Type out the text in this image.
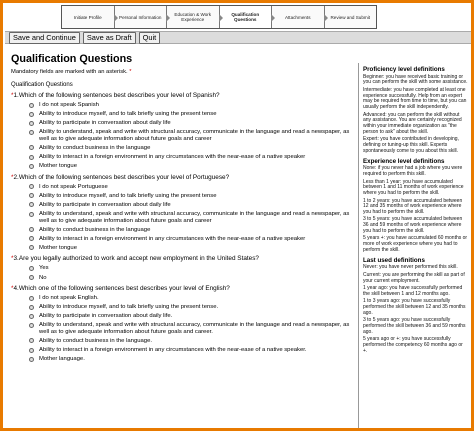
Initiate Profile	Personal Information	Education & Work Experience
Qualification Questions	Attachments	Review and Submit
Save and Continue	Save as Draft	Quit
Qualification Questions
Mandatory fields are marked with an asterisk. *
Qualification Questions
*1.Which of the following sentences best describes your level of Spanish?
I do not speak Spanish
Ability to introduce myself, and to talk briefly using the present tense
Ability to participate in conversation about daily life
Ability to understand, speak and write with structural accuracy, communicate in the language and read a newspaper, as well as to give adequate information about future goals and career
Ability to conduct business in the language
Ability to interact in a foreign environment in any circumstances with the near-ease of a native speaker
Mother tongue
*2.Which of the following sentences best describes your level of Portuguese?
I do not speak Portuguese
Ability to introduce myself, and to talk briefly using the present tense
Ability to participate in conversation about daily life
Ability to understand, speak and write with structural accuracy, communicate in the language and read a newspaper, as well as to give adequate information about future goals and career
Ability to conduct business in the language
Ability to interact in a foreign environment in any circumstances with the near-ease of a native speaker
Mother tongue
*3.Are you legally authorized to work and accept new employment in the United States?
Yes
No
*4.Which one of the following sentences best describes your level of English?
I do not speak English.
Ability to introduce myself, and to talk briefly using the present tense.
Ability to participate in conversation about daily life.
Ability to understand, speak and write with structural accuracy, communicate in the language and read a newspaper, as well as to give adequate information about future goals and career.
Ability to conduct business in the language.
Ability to interact in a foreign environment in any circumstances with the near-ease of a native speaker.
Mother language.
Proficiency level definitions

Beginner: you have received basic training or you can perform the skill with some assistance.

Intermediate: you have completed at least one experience successfully. Help from an expert may be required from time to time, but you can usually perform the skill independently.

Advanced: you can perform the skill without any assistance. You are certainly recognized within your immediate organization as "the person to ask" about the skill.

Expert: you have contributed in developing, defining or tuning-up this skill. Experts spontaneously come to you about this skill.

Experience level definitions

None: if you never had a job where you were required to perform this skill.

Less than 1 year: you have accumulated between 1 and 11 months of work experience where you had to perform the skill.

1 to 2 years: you have accumulated between 12 and 35 months of work experience where you had to perform the skill.

3 to 5 years: you have accumulated between 36 and 59 months of work experience where you had to perform the skill.

5 years +: you have accumulated 60 months or more of work experience where you had to perform the skill.

Last used definitions

Never: you have never performed this skill.

Current: you are performing the skill as part of your current employment.

1 year ago: you have successfully performed the skill between 1 and 12 months ago.

1 to 3 years ago: you have successfully performed the skill between 12 and 35 months ago.

3 to 5 years ago: you have successfully performed the skill between 36 and 59 months ago.

5 years ago or +: you have successfully performed the competency 60 months ago or +.
